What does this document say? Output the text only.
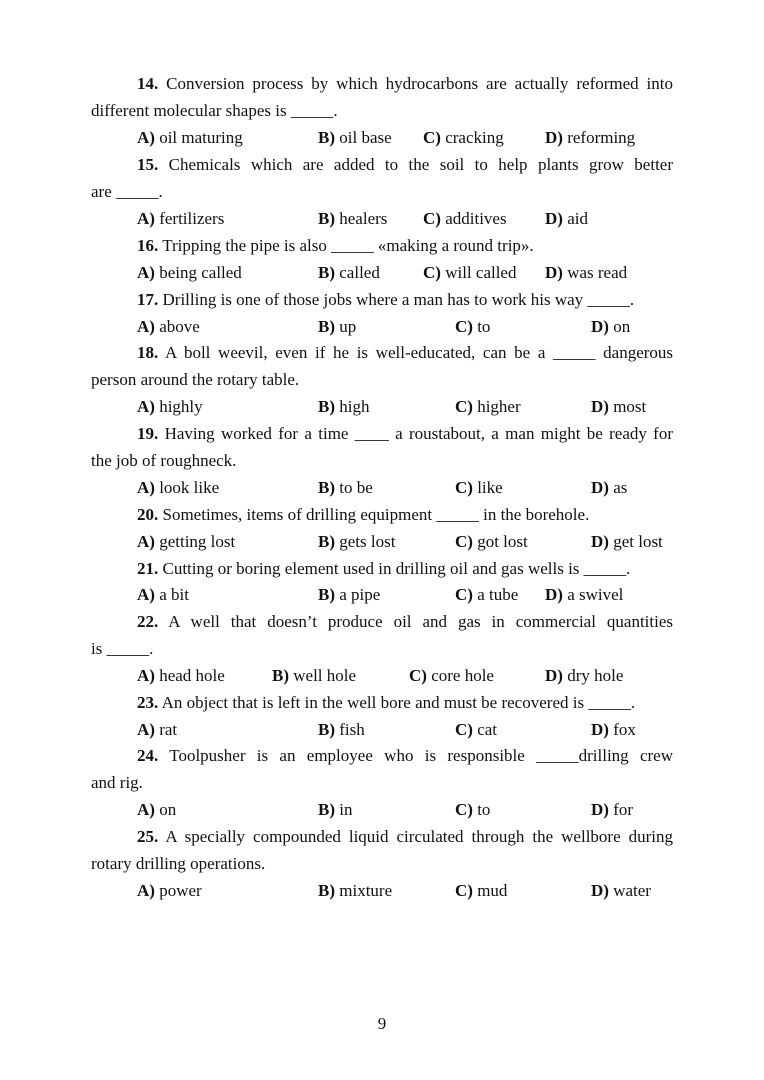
14. Conversion process by which hydrocarbons are actually reformed into
different molecular shapes is _____.
A) oil maturing	B) oil base C) cracking D) reforming
15. Chemicals which are added to the soil to help plants grow better
are _____.
A) fertilizers	B) healers C) additives D) aid
16. Tripping the pipe is also _____ «making a round trip».
A) being called	B) called	C) will called D) was read
17. Drilling is one of those jobs where a man has to work his way _____.
A) above	B) up	C) to	D) on
18. A boll weevil, even if he is well-educated, can be a _____ dangerous
person around the rotary table.
A) highly	B) high	C) higher	D) most
19. Having worked for a time ____ a roustabout, a man might be ready for
the job of roughneck.
A) look like	B) to be	C) like	D) as
20. Sometimes, items of drilling equipment _____ in the borehole.
A) getting lost	B) gets lost	C) got lost	D) get lost
21. Cutting or boring element used in drilling oil and gas wells is _____.
A) a bit	B) a pipe	C) a tube D) a swivel
22. A well that doesn’t produce oil and gas in commercial quantities
is _____.
A) head hole	B) well hole	C) core hole	D) dry hole
23. An object that is left in the well bore and must be recovered is _____.
A) rat	B) fish	C) cat	D) fox
24. Toolpusher is an employee who is responsible _____drilling crew
and rig.
A) on	B) in	C) to	D) for
25. A specially compounded liquid circulated through the wellbore during
rotary drilling operations.
A) power	B) mixture	C) mud	D) water
9
